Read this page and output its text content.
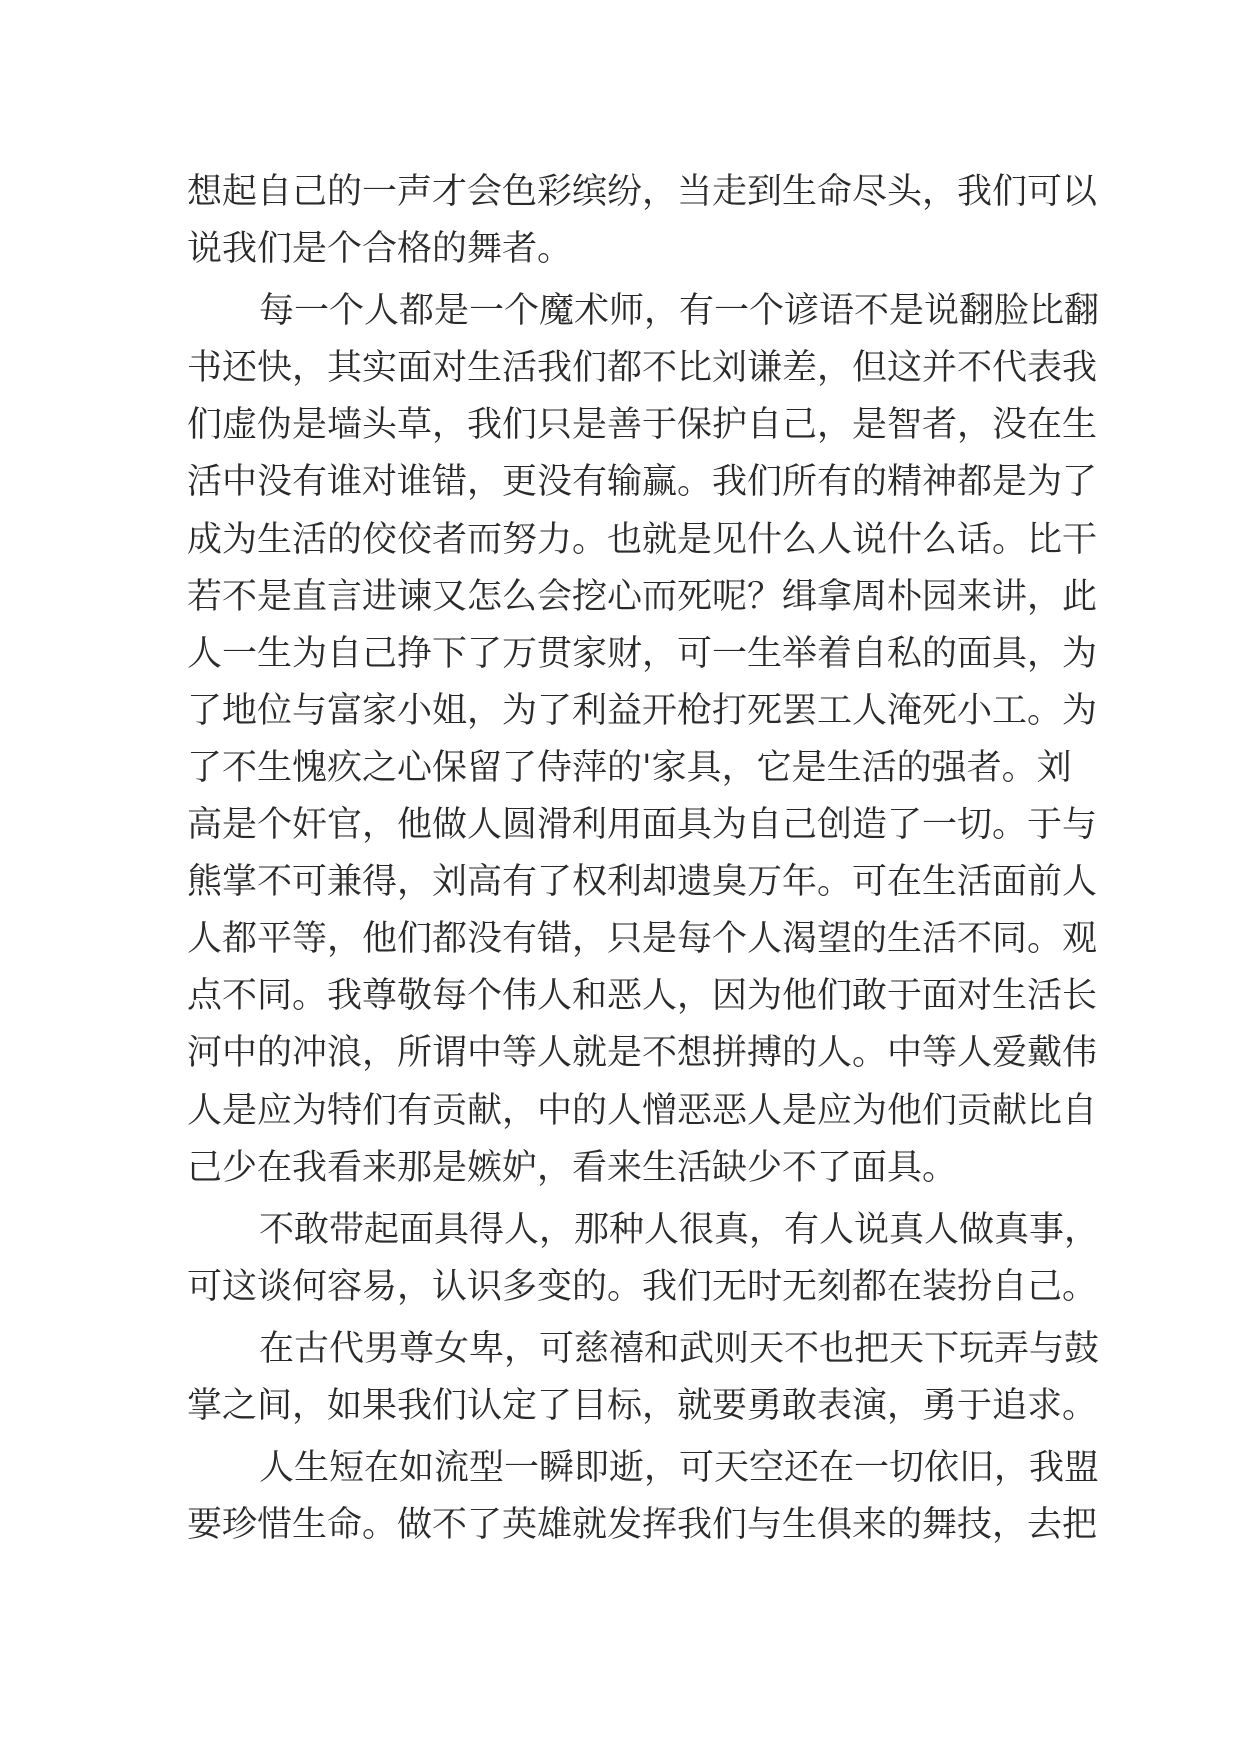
想起自己的一声才会色彩缤纷，当走到生命尽头，我们可以
说我们是个合格的舞者。
每一个人都是一个魔术师，有一个谚语不是说翻脸比翻
书还快，其实面对生活我们都不比刘谦差，但这并不代表我
们虚伪是墙头草，我们只是善于保护自己，是智者，没在生
活中没有谁对谁错，更没有输赢。我们所有的精神都是为了
成为生活的佼佼者而努力。也就是见什么人说什么话。比干
若不是直言进谏又怎么会挖心而死呢？缉拿周朴园来讲，此
人一生为自己挣下了万贯家财，可一生举着自私的面具，为
了地位与富家小姐，为了利益开枪打死罢工人淹死小工。为
了不生愧疚之心保留了侍萍的'家具，它是生活的强者。刘
高是个奸官，他做人圆滑利用面具为自己创造了一切。于与
熊掌不可兼得，刘高有了权利却遗臭万年。可在生活面前人
人都平等，他们都没有错，只是每个人渴望的生活不同。观
点不同。我尊敬每个伟人和恶人，因为他们敢于面对生活长
河中的冲浪，所谓中等人就是不想拼搏的人。中等人爱戴伟
人是应为特们有贡献，中的人憎恶恶人是应为他们贡献比自
己少在我看来那是嫉妒，看来生活缺少不了面具。
不敢带起面具得人，那种人很真，有人说真人做真事，
可这谈何容易，认识多变的。我们无时无刻都在装扮自己。
在古代男尊女卑，可慈禧和武则天不也把天下玩弄与鼓
掌之间，如果我们认定了目标，就要勇敢表演，勇于追求。
人生短在如流型一瞬即逝，可天空还在一切依旧，我盟
要珍惜生命。做不了英雄就发挥我们与生俱来的舞技，去把
